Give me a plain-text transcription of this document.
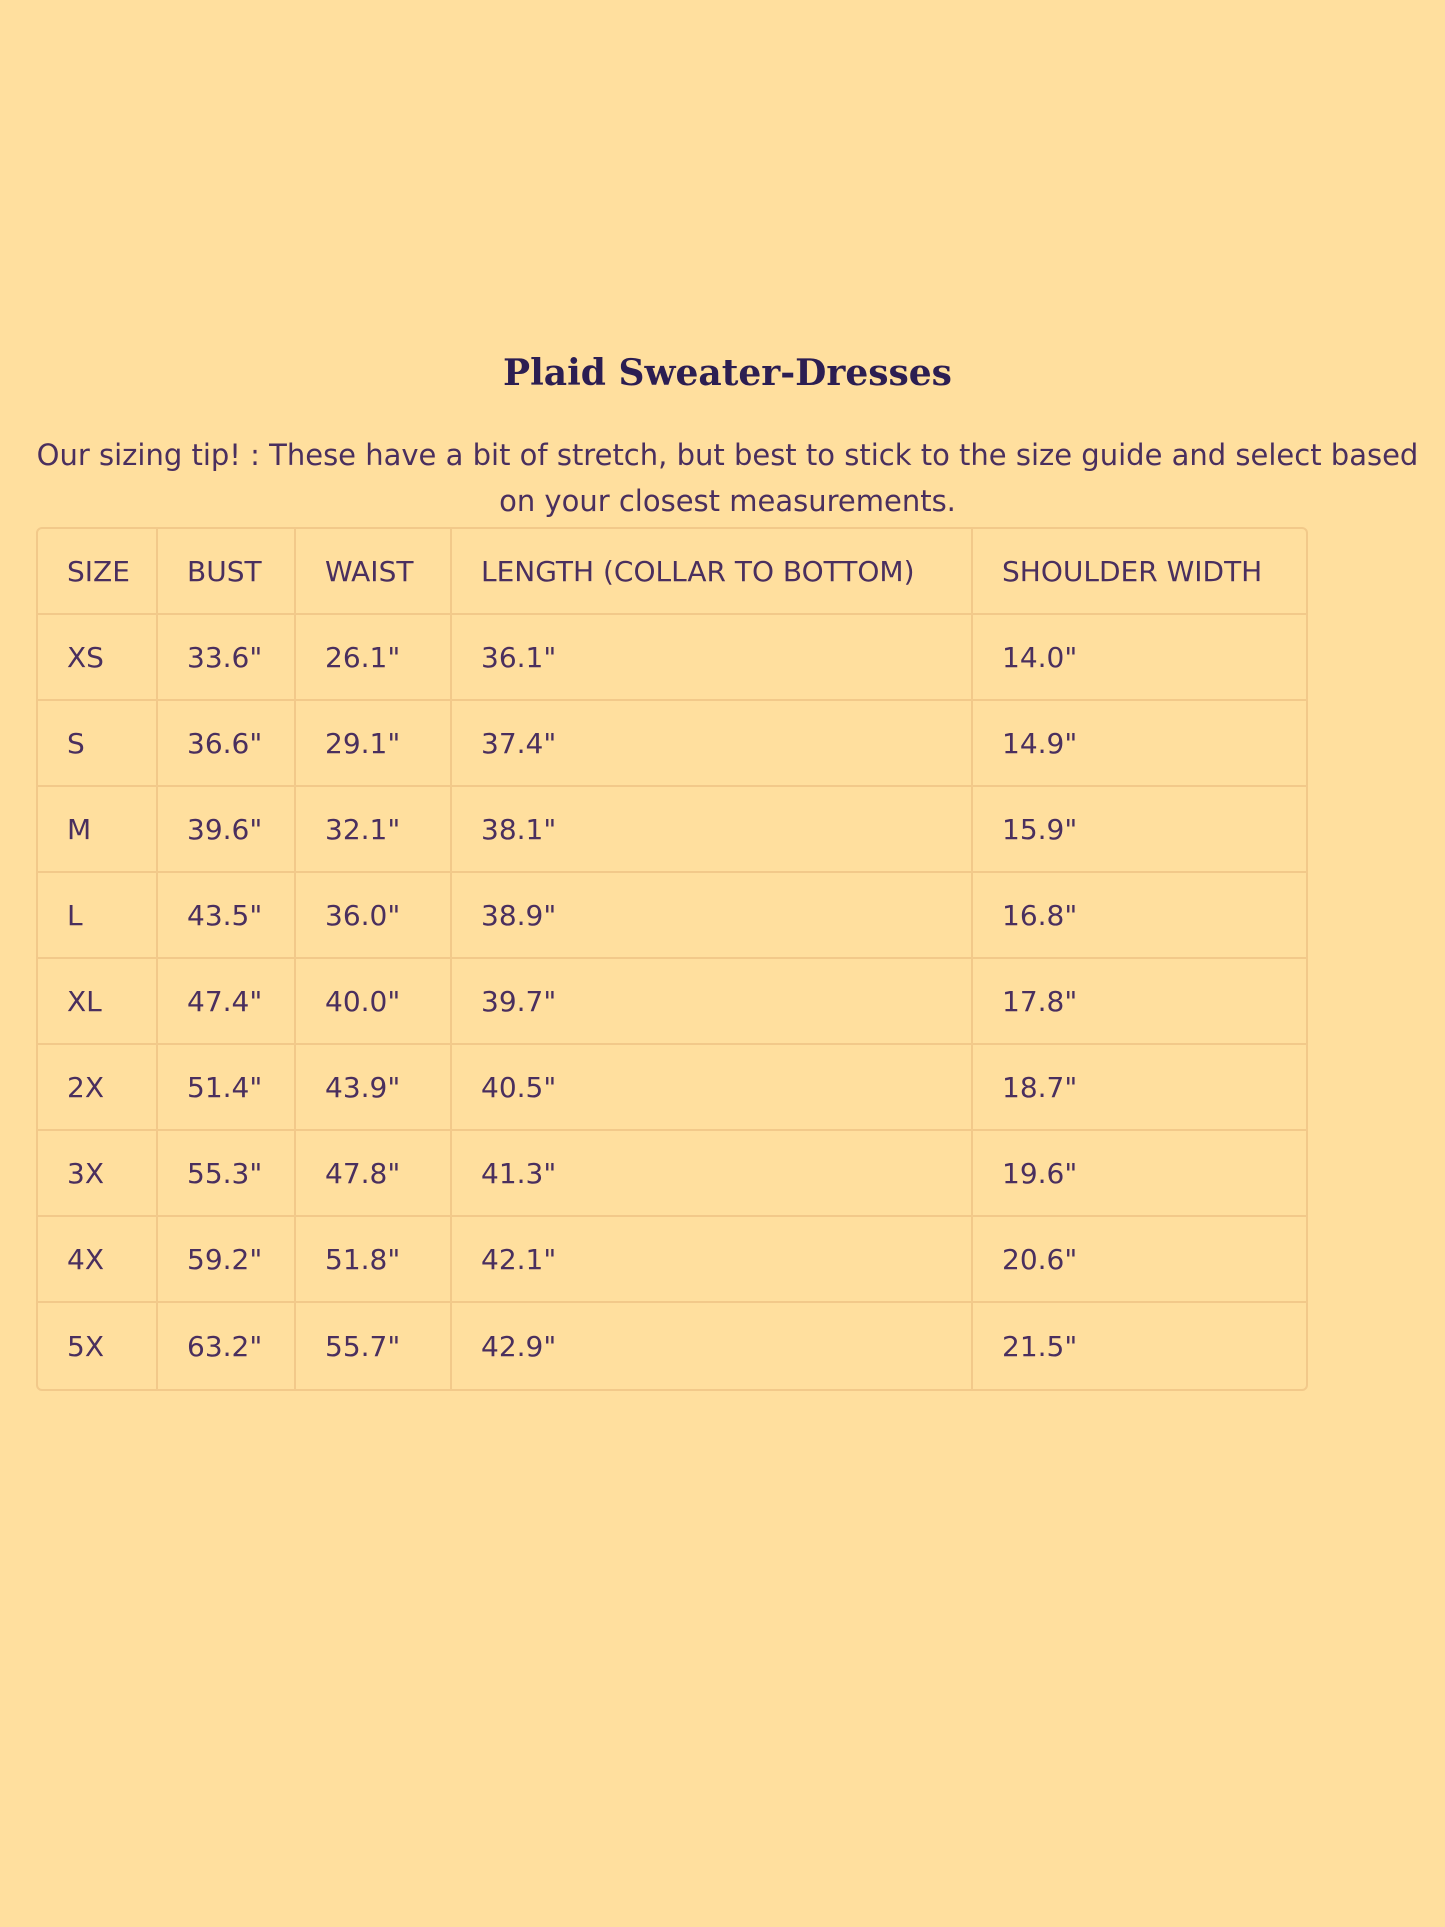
Plaid Sweater-Dresses

Our sizing tip! : These have a bit of stretch, but best to stick to the size guide and select based on your closest measurements.

SIZE	BUST	WAIST	LENGTH (COLLAR TO BOTTOM)	SHOULDER WIDTH
XS	33.6"	26.1"	36.1"	14.0"
S	36.6"	29.1"	37.4"	14.9"
M	39.6"	32.1"	38.1"	15.9"
L	43.5"	36.0"	38.9"	16.8"
XL	47.4"	40.0"	39.7"	17.8"
2X	51.4"	43.9"	40.5"	18.7"
3X	55.3"	47.8"	41.3"	19.6"
4X	59.2"	51.8"	42.1"	20.6"
5X	63.2"	55.7"	42.9"	21.5"
